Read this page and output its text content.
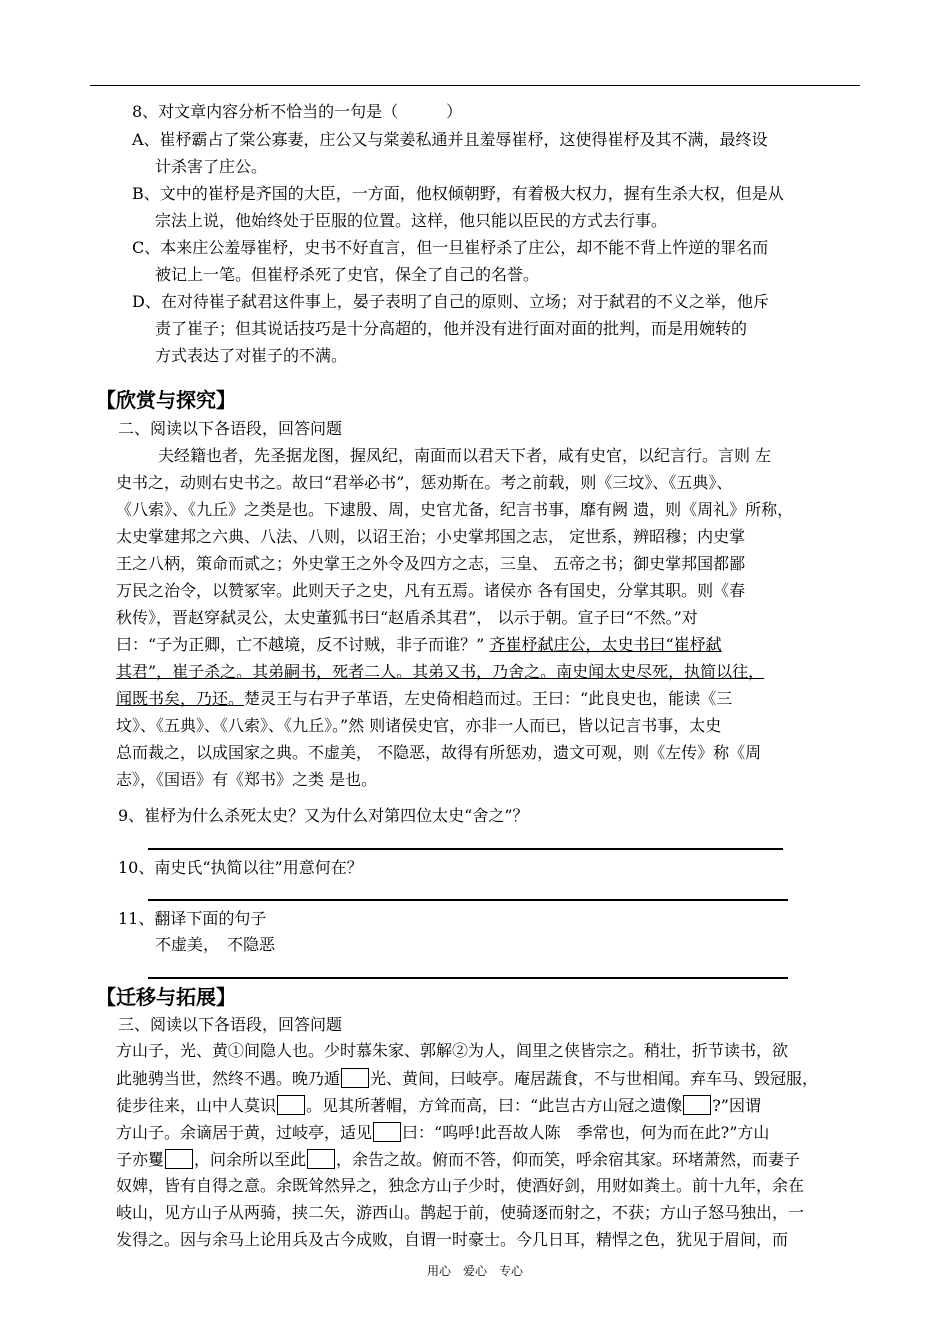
8、对文章内容分析不恰当的一句是（　　　）
A、崔杼霸占了棠公寡妻，庄公又与棠姜私通并且羞辱崔杼，这使得崔杼及其不满，最终设
计杀害了庄公。
B、文中的崔杼是齐国的大臣，一方面，他权倾朝野，有着极大权力，握有生杀大权，但是从
宗法上说，他始终处于臣服的位置。这样，他只能以臣民的方式去行事。
C、本来庄公羞辱崔杼，史书不好直言，但一旦崔杼杀了庄公，却不能不背上忤逆的罪名而
被记上一笔。但崔杼杀死了史官，保全了自己的名誉。
D、在对待崔子弑君这件事上，晏子表明了自己的原则、立场；对于弑君的不义之举，他斥
责了崔子；但其说话技巧是十分高超的，他并没有进行面对面的批判，而是用婉转的
方式表达了对崔子的不满。
【欣赏与探究】
二、阅读以下各语段，回答问题
夫经籍也者，先圣据龙图，握凤纪，南面而以君天下者，咸有史官，以纪言行。言则 左
史书之，动则右史书之。故曰“君举必书”，惩劝斯在。考之前载，则《三坟》、《五典》、
《八索》、《九丘》之类是也。下逮殷、周，史官尤备，纪言书事，靡有阙 遗，则《周礼》所称，
太史掌建邦之六典、八法、八则，以诏王治；小史掌邦国之志， 定世系，辨昭穆；内史掌
王之八柄，策命而贰之；外史掌王之外令及四方之志，三皇、 五帝之书；御史掌邦国都鄙
万民之治令，以赞冢宰。此则天子之史，凡有五焉。诸侯亦 各有国史，分掌其职。则《春
秋传》，晋赵穿弑灵公，太史董狐书曰“赵盾杀其君”， 以示于朝。宣子曰“不然。”对
曰：“子为正卿，亡不越境，反不讨贼，非子而谁？” 齐崔杼弑庄公，太史书曰“崔杼弑
其君”，崔子杀之。其弟嗣书，死者二人。其弟又书，乃舍之。南史闻太史尽死，执简以往，
闻既书矣，乃还。楚灵王与右尹子革语，左史倚相趋而过。王曰：“此良史也，能读《三
坟》、《五典》、《八索》、《九丘》。”然 则诸侯史官，亦非一人而已，皆以记言书事，太史
总而裁之，以成国家之典。不虚美， 不隐恶，故得有所惩劝，遗文可观，则《左传》称《周
志》，《国语》有《郑书》之类 是也。
9、崔杼为什么杀死太史？又为什么对第四位太史“舍之”？
10、南史氏“执简以往”用意何在？
11、翻译下面的句子
不虚美，　不隐恶
【迁移与拓展】
三、阅读以下各语段，回答问题
方山子，光、黄①间隐人也。少时慕朱家、郭解②为人，闾里之侠皆宗之。稍壮，折节读书，欲
此驰骋当世，然终不遇。晚乃遁 光、黄间，曰岐亭。庵居蔬食，不与世相闻。弃车马、毁冠服，
徒步往来，山中人莫识 。见其所著帽，方耸而高，曰：“此岂古方山冠之遗像 ?”因谓
方山子。余谪居于黄，过岐亭，适见 曰：“呜呼!此吾故人陈　季常也，何为而在此?”方山
子亦矍 ，问余所以至此 ，余告之故。俯而不答，仰而笑，呼余宿其家。环堵萧然，而妻子
奴婢，皆有自得之意。余既耸然异之，独念方山子少时，使酒好剑，用财如粪土。前十九年，余在
岐山，见方山子从两骑，挟二矢，游西山。鹊起于前，使骑逐而射之，不获；方山子怒马独出，一
发得之。因与余马上论用兵及古今成败，自谓一时豪士。今几日耳，精悍之色，犹见于眉间，而
用心　爱心　专心
